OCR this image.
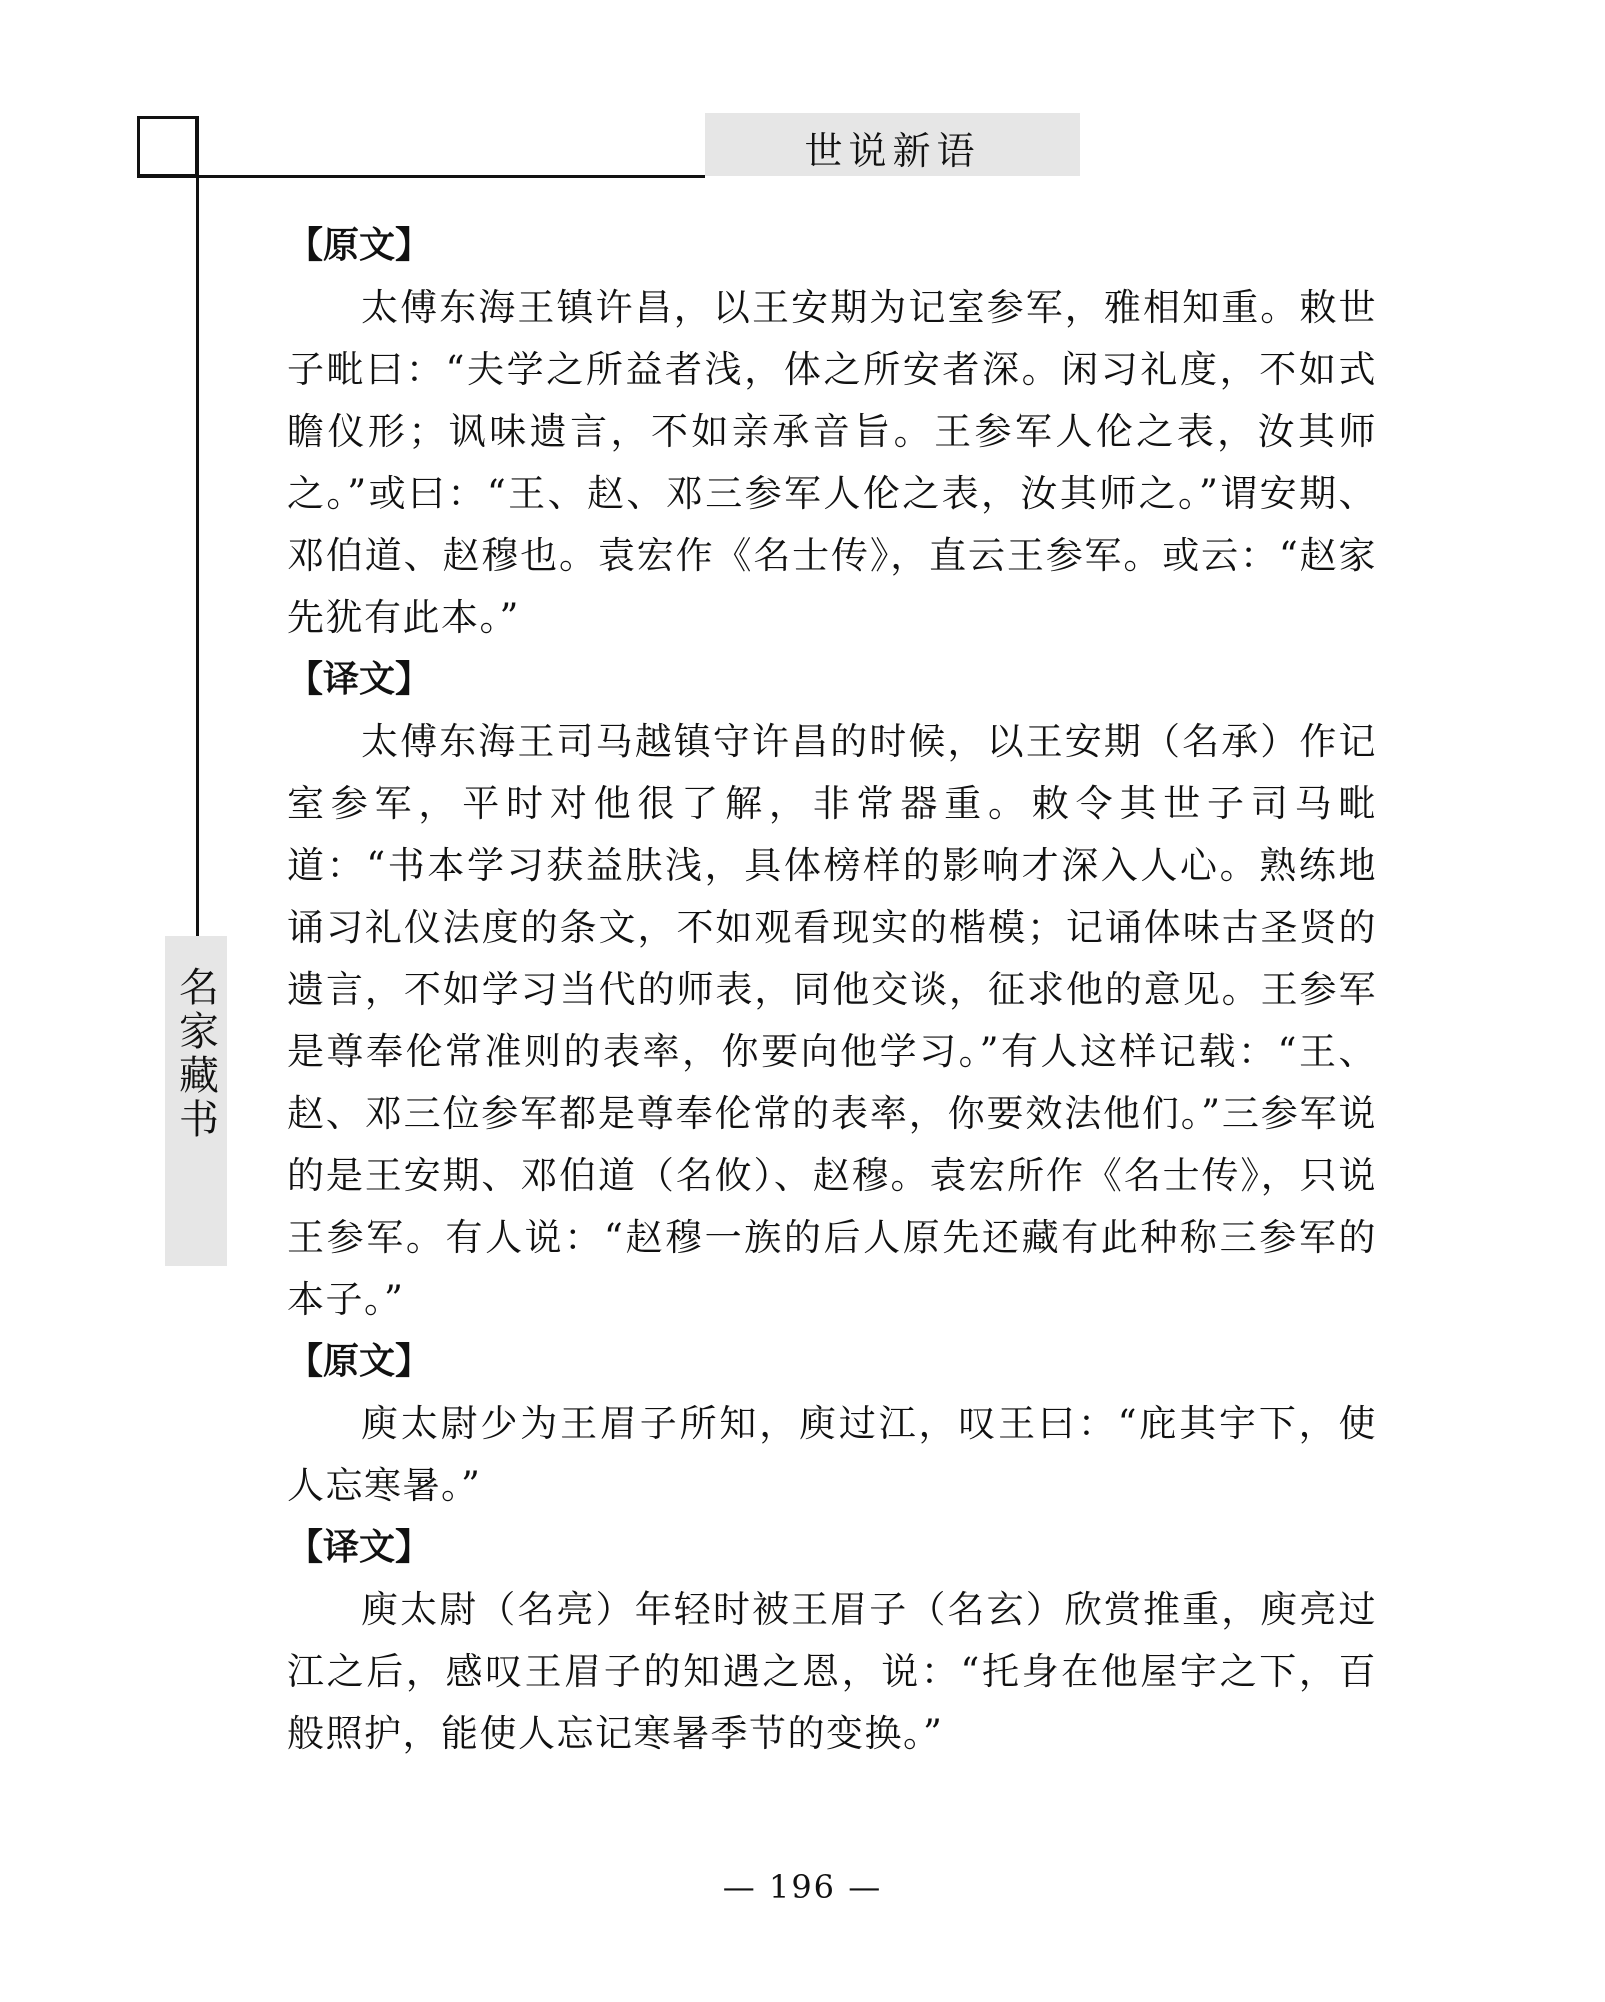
世说新语
名家藏书

【原文】

太傅东海王镇许昌，以王安期为记室参军，雅相知重。敕世子毗曰：“夫学之所益者浅，体之所安者深。闲习礼度，不如式瞻仪形；讽味遗言，不如亲承音旨。王参军人伦之表，汝其师之。”或曰：“王、赵、邓三参军人伦之表，汝其师之。”谓安期、邓伯道、赵穆也。袁宏作《名士传》，直云王参军。或云：“赵家先犹有此本。”

【译文】

太傅东海王司马越镇守许昌的时候，以王安期（名承）作记室参军，平时对他很了解，非常器重。敕令其世子司马毗道：“书本学习获益肤浅，具体榜样的影响才深入人心。熟练地诵习礼仪法度的条文，不如观看现实的楷模；记诵体味古圣贤的遗言，不如学习当代的师表，同他交谈，征求他的意见。王参军是尊奉伦常准则的表率，你要向他学习。”有人这样记载：“王、赵、邓三位参军都是尊奉伦常的表率，你要效法他们。”三参军说的是王安期、邓伯道（名攸）、赵穆。袁宏所作《名士传》，只说王参军。有人说：“赵穆一族的后人原先还藏有此种称三参军的本子。”

【原文】

庾太尉少为王眉子所知，庾过江，叹王曰：“庇其宇下，使人忘寒暑。”

【译文】

庾太尉（名亮）年轻时被王眉子（名玄）欣赏推重，庾亮过江之后，感叹王眉子的知遇之恩，说：“托身在他屋宇之下，百般照护，能使人忘记寒暑季节的变换。”

— 196 —
